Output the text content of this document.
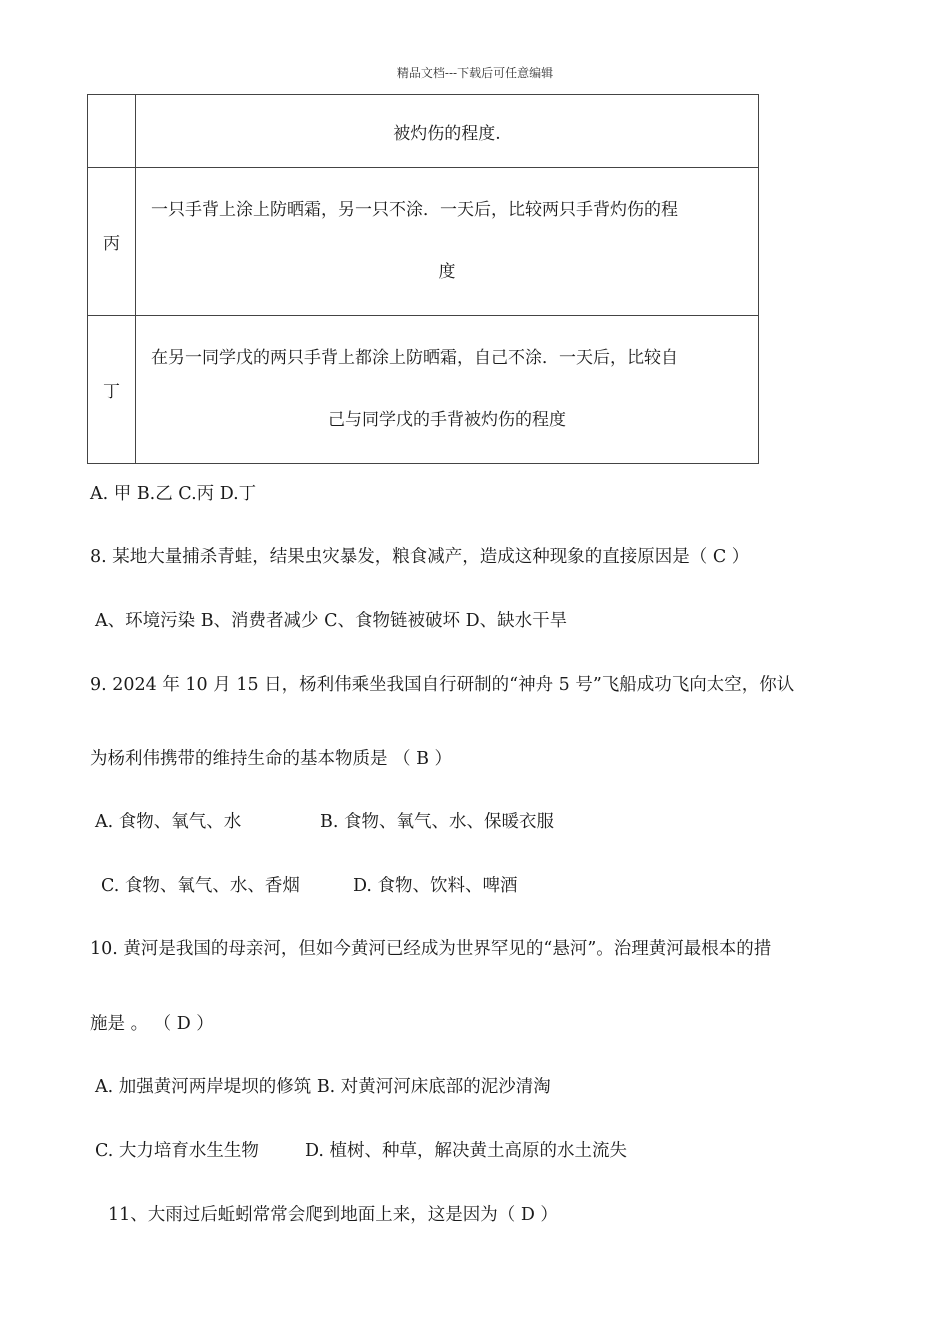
精品文档---下载后可任意编辑

	被灼伤的程度.

丙	一只手背上涂上防晒霜，另一只不涂．一天后，比较两只手背灼伤的程
度

丁	在另一同学戊的两只手背上都涂上防晒霜，自己不涂．一天后，比较自
己与同学戊的手背被灼伤的程度
A. 甲 B.乙 C.丙 D.丁
8. 某地大量捕杀青蛙，结果虫灾暴发，粮食减产，造成这种现象的直接原因是（ C ）
A、环境污染 B、消费者减少 C、食物链被破坏 D、缺水干旱
9. 2024 年 10 月 15 日，杨利伟乘坐我国自行研制的“神舟 5 号”飞船成功飞向太空，你认
为杨利伟携带的维持生命的基本物质是 （ B ）
A. 食物、氧气、水	B. 食物、氧气、水、保暖衣服
C. 食物、氧气、水、香烟	D. 食物、饮料、啤酒
10. 黄河是我国的母亲河，但如今黄河已经成为世界罕见的“悬河”。治理黄河最根本的措
施是 。 （ D ）
A. 加强黄河两岸堤坝的修筑 B. 对黄河河床底部的泥沙清淘
C. 大力培育水生生物	D. 植树、种草，解决黄土高原的水土流失
11、大雨过后蚯蚓常常会爬到地面上来，这是因为（ D ）
